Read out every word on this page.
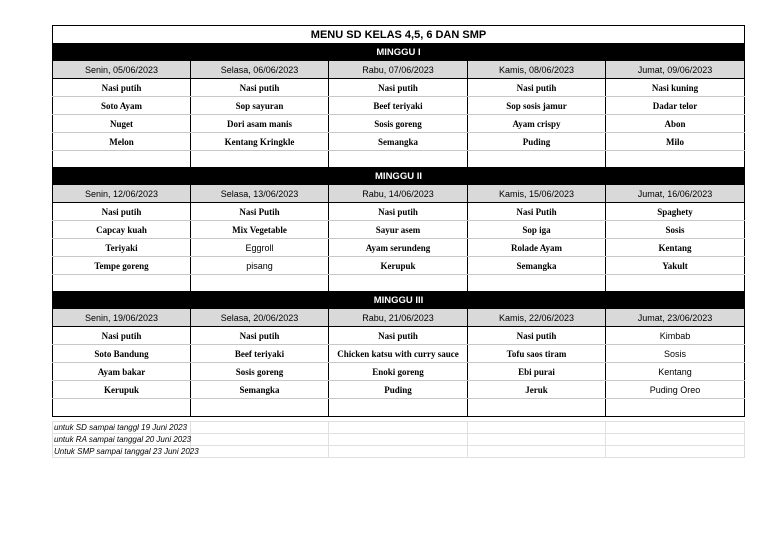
MENU SD KELAS 4,5, 6 DAN SMP				
MINGGU I				
Senin, 05/06/2023	Selasa, 06/06/2023	Rabu, 07/06/2023	Kamis, 08/06/2023	Jumat, 09/06/2023
Nasi putih	Nasi putih	Nasi putih	Nasi putih	Nasi kuning
Soto Ayam	Sop sayuran	Beef teriyaki	Sop sosis jamur	Dadar telor
Nuget	Dori asam manis	Sosis goreng	Ayam crispy	Abon
Melon	Kentang Kringkle	Semangka	Puding	Milo

MINGGU II				
Senin, 12/06/2023	Selasa, 13/06/2023	Rabu, 14/06/2023	Kamis, 15/06/2023	Jumat, 16/06/2023
Nasi putih	Nasi Putih	Nasi putih	Nasi Putih	Spaghety
Capcay kuah	Mix Vegetable	Sayur asem	Sop iga	Sosis
Teriyaki	Eggroll	Ayam serundeng	Rolade Ayam	Kentang
Tempe goreng	pisang	Kerupuk	Semangka	Yakult

MINGGU III				
Senin, 19/06/2023	Selasa, 20/06/2023	Rabu, 21/06/2023	Kamis, 22/06/2023	Jumat, 23/06/2023
Nasi putih	Nasi putih	Nasi putih	Nasi putih	Kimbab
Soto Bandung	Beef teriyaki	Chicken katsu with curry sauce	Tofu saos tiram	Sosis
Ayam bakar	Sosis goreng	Enoki goreng	Ebi purai	Kentang
Kerupuk	Semangka	Puding	Jeruk	Puding Oreo

untuk SD sampai tanggl 19 Juni 2023				
untuk RA sampai tanggal 20 Juni 2023				
Untuk SMP sampai tanggal 23 Juni 2023				
